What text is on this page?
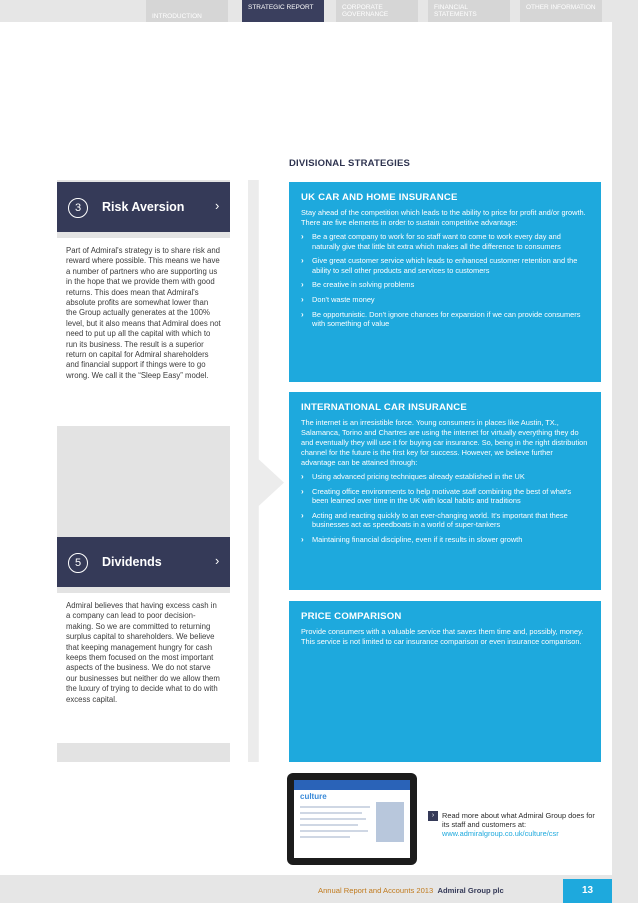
INTRODUCTION
STRATEGIC REPORT	CORPORATE GOVERNANCE
FINANCIAL STATEMENTS
OTHER INFORMATION
DIVISIONAL STRATEGIES
3	Risk Aversion ›
Part of Admiral's strategy is to share risk and reward where possible. This means we have a number of partners who are supporting us in the hope that we provide them with good returns. This does mean that Admiral's absolute profits are somewhat lower than the Group actually generates at the 100% level, but it also means that Admiral does not need to put up all the capital with which to run its business. The result is a superior return on capital for Admiral shareholders and financial support if things were to go wrong. We call it the “Sleep Easy” model.
5	Dividends	›
Admiral believes that having excess cash in a company can lead to poor decision-making. So we are committed to returning surplus capital to shareholders. We believe that keeping management hungry for cash keeps them focused on the most important aspects of the business. We do not starve our businesses but neither do we allow them the luxury of trying to decide what to do with excess capital.
UK CAR AND HOME INSURANCE

Stay ahead of the competition which leads to the ability to price for profit and/or growth. There are five elements in order to sustain competitive advantage:

› Be a great company to work for so staff want to come to work every day and naturally give that little bit extra which makes all the difference to consumers
› Give great customer service which leads to enhanced customer retention and the ability to sell other products and services to customers
› Be creative in solving problems
› Don't waste money
› Be opportunistic. Don't ignore chances for expansion if we can provide consumers with something of value
INTERNATIONAL CAR INSURANCE

The internet is an irresistible force. Young consumers in places like Austin, TX., Salamanca, Torino and Chartres are using the internet for virtually everything they do and eventually they will use it for buying car insurance. So, being in the right distribution channel for the future is the first key for success. However, we believe further advantage can be attained through:

› Using advanced pricing techniques already established in the UK
› Creating office environments to help motivate staff combining the best of what's been learned over time in the UK with local habits and traditions
› Acting and reacting quickly to an ever-changing world. It's important that these businesses act as speedboats in a world of super-tankers
› Maintaining financial discipline, even if it results in slower growth
PRICE COMPARISON

Provide consumers with a valuable service that saves them time and, possibly, money. This service is not limited to car insurance comparison or even insurance comparison.

culture
›	Read more about what Admiral Group does for its staff and customers at:
www.admiralgroup.co.uk/culture/csr
Annual Report and Accounts 2013 Admiral Group plc	13
